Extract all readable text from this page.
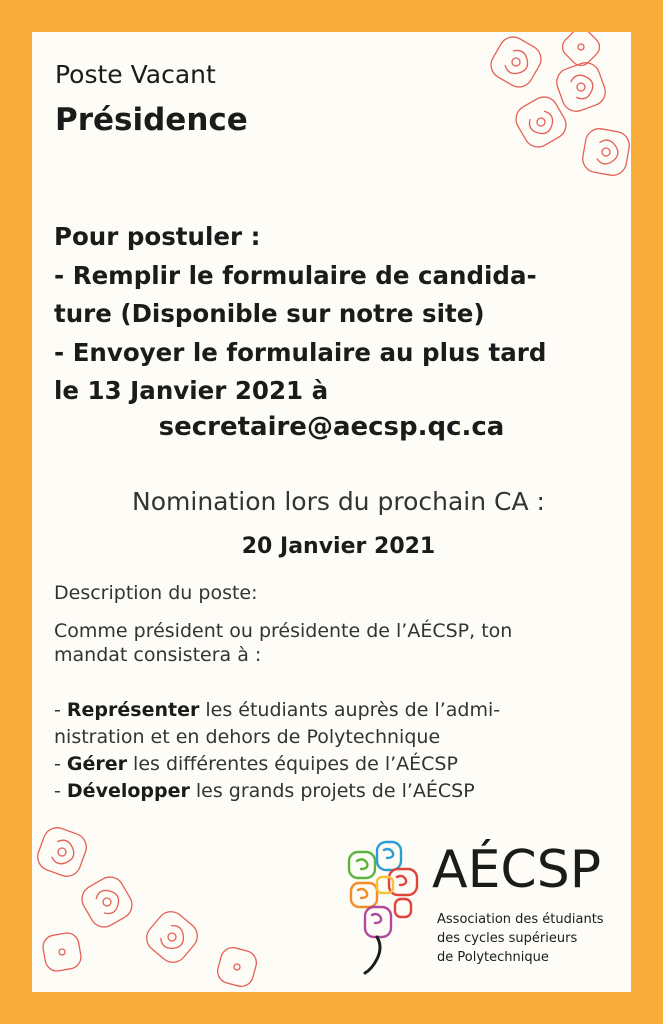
Poste Vacant
Présidence
Pour postuler :
- Remplir le formulaire de candida-
ture (Disponible sur notre site)
- Envoyer le formulaire au plus tard
le 13 Janvier 2021 à
secretaire@aecsp.qc.ca
Nomination lors du prochain CA :
20 Janvier 2021
Description du poste:
Comme président ou présidente de l’AÉCSP, ton
mandat consistera à :
- Représenter les étudiants auprès de l’admi-
nistration et en dehors de Polytechnique
- Gérer les différentes équipes de l’AÉCSP
- Développer les grands projets de l’AÉCSP
AÉCSP
Association des étudiants
des cycles supérieurs
de Polytechnique
